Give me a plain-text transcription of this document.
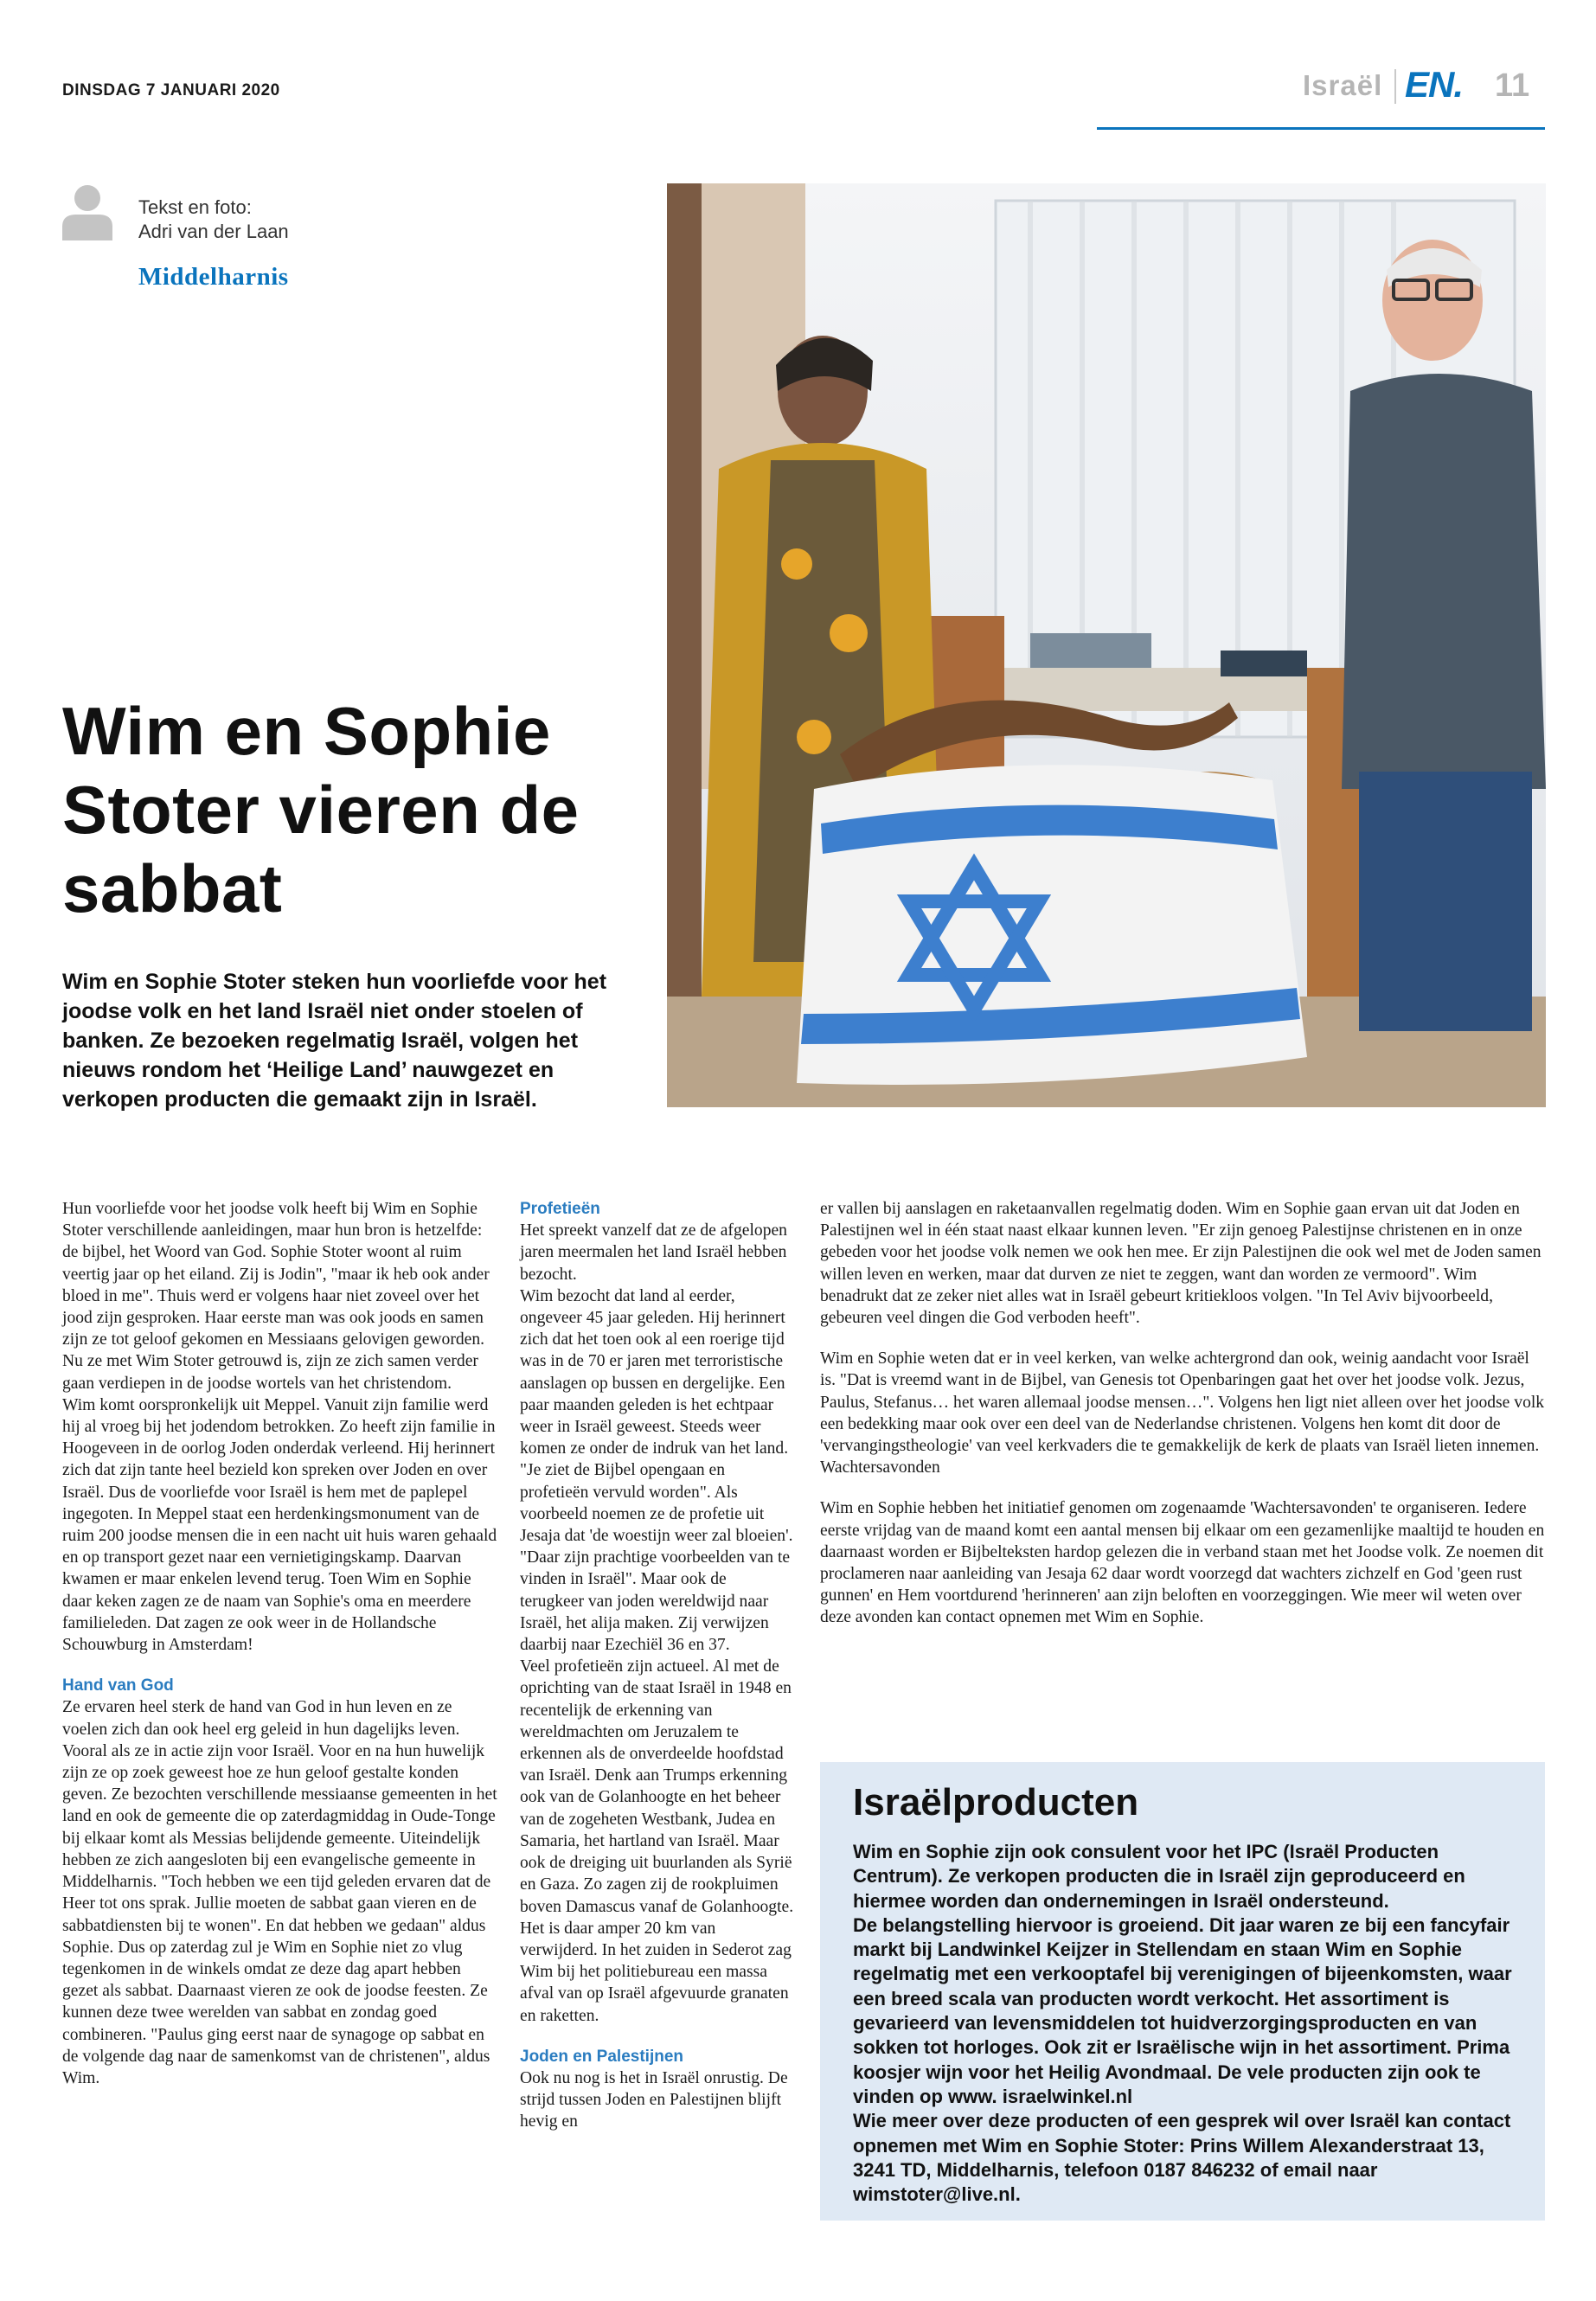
DINSDAG 7 JANUARI 2020	Israël EN. 11
Tekst en foto:
Adri van der Laan
Middelharnis
Wim en Sophie Stoter vieren de sabbat
Wim en Sophie Stoter steken hun voorliefde voor het joodse volk en het land Israël niet onder stoelen of banken. Ze bezoeken regelmatig Israël, volgen het nieuws rondom het ‘Heilige Land’ nauwgezet en verkopen producten die gemaakt zijn in Israël.

Hun voorliefde voor het joodse volk heeft bij Wim en Sophie Stoter verschillende aanleidingen, maar hun bron is hetzelfde: de bijbel, het Woord van God. Sophie Stoter woont al ruim veertig jaar op het eiland. Zij is Jodin", "maar ik heb ook ander bloed in me". Thuis werd er volgens haar niet zoveel over het jood zijn gesproken. Haar eerste man was ook joods en samen zijn ze tot geloof gekomen en Messiaans gelovigen geworden. Nu ze met Wim Stoter getrouwd is, zijn ze zich samen verder gaan verdiepen in de joodse wortels van het christendom.

Wim komt oorspronkelijk uit Meppel. Vanuit zijn familie werd hij al vroeg bij het jodendom betrokken. Zo heeft zijn familie in Hoogeveen in de oorlog Joden onderdak verleend. Hij herinnert zich dat zijn tante heel bezield kon spreken over Joden en over Israël. Dus de voorliefde voor Israël is hem met de paplepel ingegoten. In Meppel staat een herdenkingsmonument van de ruim 200 joodse mensen die in een nacht uit huis waren gehaald en op transport gezet naar een vernietigingskamp. Daarvan kwamen er maar enkelen levend terug. Toen Wim en Sophie daar keken zagen ze de naam van Sophie's oma en meerdere familieleden. Dat zagen ze ook weer in de Hollandsche Schouwburg in Amsterdam!

Hand van God

Ze ervaren heel sterk de hand van God in hun leven en ze voelen zich dan ook heel erg geleid in hun dagelijks leven. Vooral als ze in actie zijn voor Israël. Voor en na hun huwelijk zijn ze op zoek geweest hoe ze hun geloof gestalte konden geven. Ze bezochten verschillende messiaanse gemeenten in het land en ook de gemeente die op zaterdagmiddag in Oude-Tonge bij elkaar komt als Messias belijdende gemeente. Uiteindelijk hebben ze zich aangesloten bij een evangelische gemeente in Middelharnis. "Toch hebben we een tijd geleden ervaren dat de Heer tot ons sprak. Jullie moeten de sabbat gaan vieren en de sabbatdiensten bij te wonen". En dat hebben we gedaan" aldus Sophie. Dus op zaterdag zul je Wim en Sophie niet zo vlug tegenkomen in de winkels omdat ze deze dag apart hebben gezet als sabbat. Daarnaast vieren ze ook de joodse feesten. Ze kunnen deze twee werelden van sabbat en zondag goed combineren. "Paulus ging eerst naar de synagoge op sabbat en de volgende dag naar de samenkomst van de christenen", aldus Wim.

Profetieën

Het spreekt vanzelf dat ze de afgelopen jaren meermalen het land Israël hebben bezocht.

Wim bezocht dat land al eerder, ongeveer 45 jaar geleden. Hij herinnert zich dat het toen ook al een roerige tijd was in de 70 er jaren met terroristische aanslagen op bussen en dergelijke. Een paar maanden geleden is het echtpaar weer in Israël geweest. Steeds weer komen ze onder de indruk van het land. "Je ziet de Bijbel opengaan en profetieën vervuld worden". Als voorbeeld noemen ze de profetie uit Jesaja dat 'de woestijn weer zal bloeien'. "Daar zijn prachtige voorbeelden van te vinden in Israël". Maar ook de terugkeer van joden wereldwijd naar Israël, het alija maken. Zij verwijzen daarbij naar Ezechiël 36 en 37.

Veel profetieën zijn actueel. Al met de oprichting van de staat Israël in 1948 en recentelijk de erkenning van wereldmachten om Jeruzalem te erkennen als de onverdeelde hoofdstad van Israël. Denk aan Trumps erkenning ook van de Golanhoogte en het beheer van de zogeheten Westbank, Judea en Samaria, het hartland van Israël. Maar ook de dreiging uit buurlanden als Syrië en Gaza. Zo zagen zij de rookpluimen boven Damascus vanaf de Golanhoogte. Het is daar amper 20 km van verwijderd. In het zuiden in Sederot zag Wim bij het politiebureau een massa afval van op Israël afgevuurde granaten en raketten.

Joden en Palestijnen

Ook nu nog is het in Israël onrustig. De strijd tussen Joden en Palestijnen blijft hevig en

er vallen bij aanslagen en raketaanvallen regelmatig doden. Wim en Sophie gaan ervan uit dat Joden en Palestijnen wel in één staat naast elkaar kunnen leven. "Er zijn genoeg Palestijnse christenen en in onze gebeden voor het joodse volk nemen we ook hen mee. Er zijn Palestijnen die ook wel met de Joden samen willen leven en werken, maar dat durven ze niet te zeggen, want dan worden ze vermoord". Wim benadrukt dat ze zeker niet alles wat in Israël gebeurt kritiekloos volgen. "In Tel Aviv bijvoorbeeld, gebeuren veel dingen die God verboden heeft".

Wim en Sophie weten dat er in veel kerken, van welke achtergrond dan ook, weinig aandacht voor Israël is. "Dat is vreemd want in de Bijbel, van Genesis tot Openbaringen gaat het over het joodse volk. Jezus, Paulus, Stefanus… het waren allemaal joodse mensen…". Volgens hen ligt niet alleen over het joodse volk een bedekking maar ook over een deel van de Nederlandse christenen. Volgens hen komt dit door de 'vervangingstheologie' van veel kerkvaders die te gemakkelijk de kerk de plaats van Israël lieten innemen.

Wachtersavonden

Wim en Sophie hebben het initiatief genomen om zogenaamde 'Wachtersavonden' te organiseren. Iedere eerste vrijdag van de maand komt een aantal mensen bij elkaar om een gezamenlijke maaltijd te houden en daarnaast worden er Bijbelteksten hardop gelezen die in verband staan met het Joodse volk. Ze noemen dit proclameren naar aanleiding van Jesaja 62 daar wordt voorzegd dat wachters zichzelf en God 'geen rust gunnen' en Hem voortdurend 'herinneren' aan zijn beloften en voorzeggingen. Wie meer wil weten over deze avonden kan contact opnemen met Wim en Sophie.

Israëlproducten

Wim en Sophie zijn ook consulent voor het IPC (Israël Producten Centrum). Ze verkopen producten die in Israël zijn geproduceerd en hiermee worden dan ondernemingen in Israël ondersteund.
De belangstelling hiervoor is groeiend. Dit jaar waren ze bij een fancyfair markt bij Landwinkel Keijzer in Stellendam en staan Wim en Sophie regelmatig met een verkooptafel bij verenigingen of bijeenkomsten, waar een breed scala van producten wordt verkocht. Het assortiment is gevarieerd van levensmiddelen tot huidverzorgingsproducten en van sokken tot horloges. Ook zit er Israëlische wijn in het assortiment. Prima koosjer wijn voor het Heilig Avondmaal. De vele producten zijn ook te vinden op www. israelwinkel.nl
Wie meer over deze producten of een gesprek wil over Israël kan contact opnemen met Wim en Sophie Stoter: Prins Willem Alexanderstraat 13, 3241 TD, Middelharnis, telefoon 0187 846232 of email naar wimstoter@live.nl.
